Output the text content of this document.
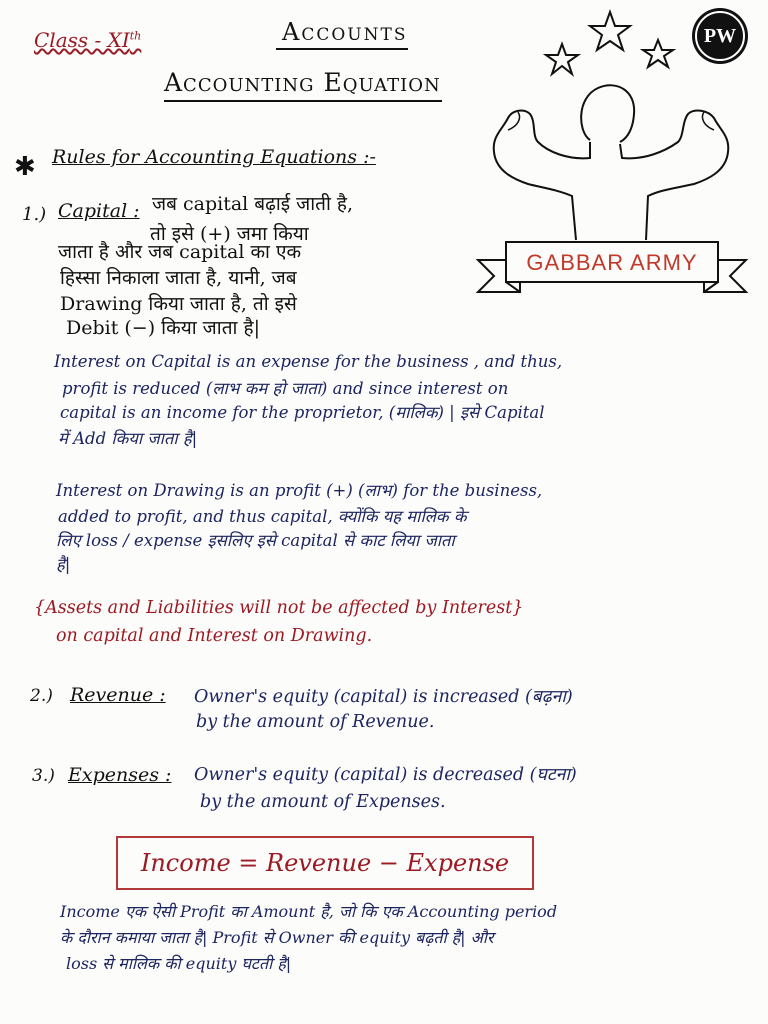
Class - XIth	Accounts
Accounting Equation
PW
GABBAR ARMY
✱ Rules for Accounting Equations :-
1.) Capital : जब capital बढ़ाई जाती है,
तो इसे (+) जमा किया
जाता है और जब capital का एक
हिस्सा निकाला जाता है, यानी, जब
Drawing किया जाता है, तो इसे
Debit (−) किया जाता है|
Interest on Capital is an expense for the business , and thus,
profit is reduced (लाभ कम हो जाता) and since interest on
capital is an income for the proprietor, (मालिक) | इसे Capital
में Add किया जाता है|
Interest on Drawing is an profit (+) (लाभ) for the business,
added to profit, and thus capital, क्योंकि यह मालिक के
लिए loss / expense इसलिए इसे capital से काट लिया जाता
है|
{Assets and Liabilities will not be affected by Interest}
on capital and Interest on Drawing.
2.) Revenue : Owner's equity (capital) is increased (बढ़ना)
by the amount of Revenue.
3.) Expenses : Owner's equity (capital) is decreased (घटना)
by the amount of Expenses.
Income = Revenue − Expense
Income एक ऐसी Profit का Amount है, जो कि एक Accounting period
के दौरान कमाया जाता है| Profit से Owner की equity बढ़ती है| और
loss से मालिक की equity घटती है|
